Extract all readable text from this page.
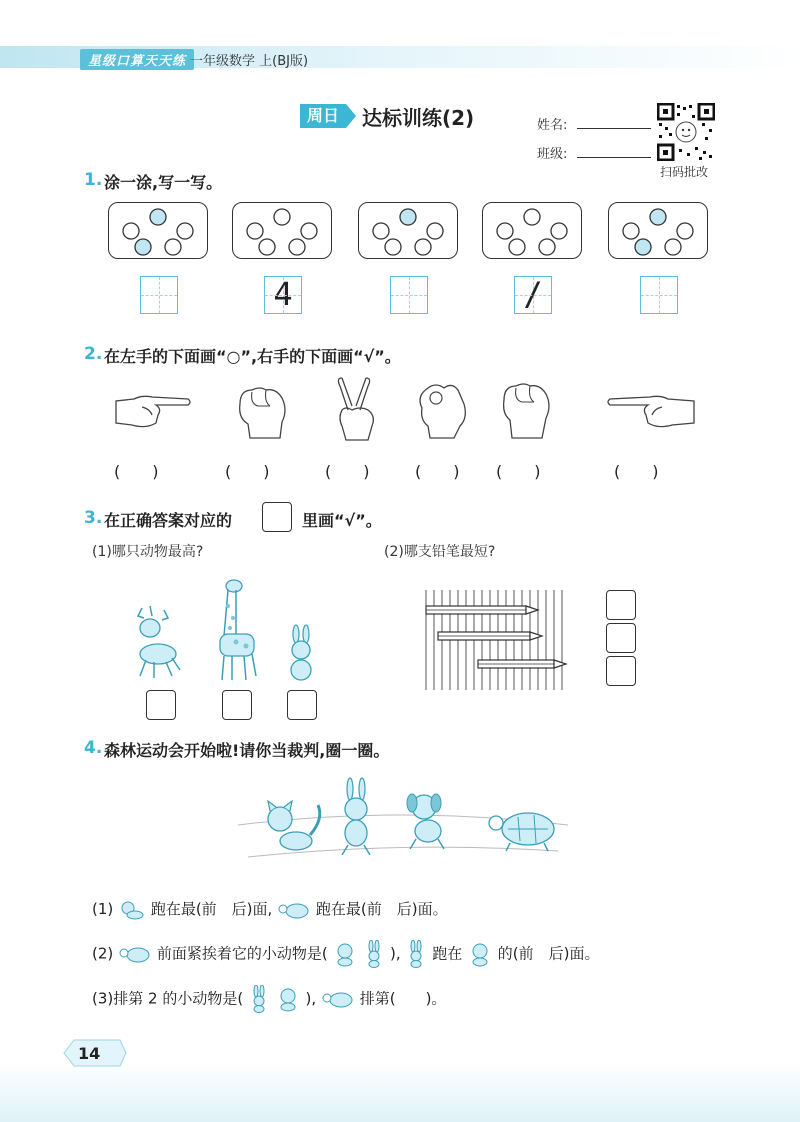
星级口算天天练 一年级数学 上(BJ版)
周日	达标训练(2)	姓名:
班级:
扫码批改
1. 涂一涂,写一写。
4	/
2. 在左手的下面画“○”,右手的下面画“√”。
(　　)	(　　)	(　　)	(　　) (　　)	(　　)
3. 在正确答案对应的	里画“√”。
(1)哪只动物最高?	(2)哪支铅笔最短?
4. 森林运动会开始啦!请你当裁判,圈一圈。
(1)	跑在最(前　后)面,	跑在最(前　后)面。
(2)	前面紧挨着它的小动物是(	), 跑在 的(前　后)面。
(3)排第 2 的小动物是(	),	排第(　　)。
14
